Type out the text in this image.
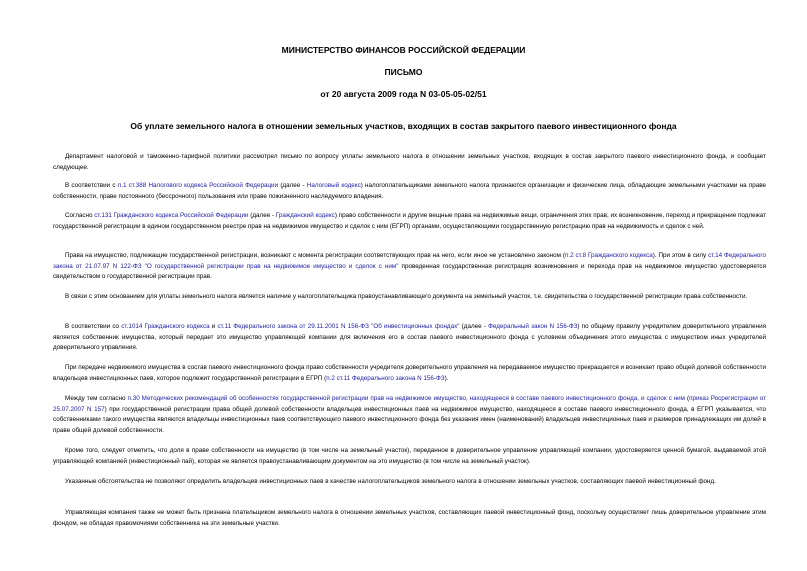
МИНИСТЕРСТВО ФИНАНСОВ РОССИЙСКОЙ ФЕДЕРАЦИИ
ПИСЬМО
от 20 августа 2009 года N 03-05-05-02/51
Об уплате земельного налога в отношении земельных участков, входящих в состав закрытого паевого инвестиционного фонда

Департамент налоговой и таможенно-тарифной политики рассмотрел письмо по вопросу уплаты земельного налога в отношении земельных участков, входящих в состав закрытого паевого инвестиционного фонда, и сообщает следующее.

В соответствии с п.1 ст.388 Налогового кодекса Российской Федерации (далее - Налоговый кодекс) налогоплательщиками земельного налога признаются организации и физические лица, обладающие земельными участками на праве собственности, праве постоянного (бессрочного) пользования или праве пожизненного наследуемого владения.

Согласно ст.131 Гражданского кодекса Российской Федерации (далее - Гражданский кодекс) право собственности и другие вещные права на недвижимые вещи, ограничения этих прав, их возникновение, переход и прекращение подлежат государственной регистрации в едином государственном реестре прав на недвижимое имущество и сделок с ним (ЕГРП) органами, осуществляющими государственную регистрацию прав на недвижимость и сделок с ней.

Права на имущество, подлежащие государственной регистрации, возникают с момента регистрации соответствующих прав на него, если иное не установлено законом (п.2 ст.8 Гражданского кодекса). При этом в силу ст.14 Федерального закона от 21.07.97 N 122-ФЗ "О государственной регистрации прав на недвижимое имущество и сделок с ним" проведенная государственная регистрация возникновения и перехода прав на недвижимое имущество удостоверяется свидетельством о государственной регистрации прав.

В связи с этим основанием для уплаты земельного налога является наличие у налогоплательщика правоустанавливающего документа на земельный участок, т.е. свидетельства о государственной регистрации права собственности.

В соответствии со ст.1014 Гражданского кодекса и ст.11 Федерального закона от 29.11.2001 N 156-ФЗ "Об инвестиционных фондах" (далее - Федеральный закон N 156-ФЗ) по общему правилу учредителем доверительного управления является собственник имущества, который передает это имущество управляющей компании для включения его в состав паевого инвестиционного фонда с условием объединения этого имущества с имуществом иных учредителей доверительного управления.

При передаче недвижимого имущества в состав паевого инвестиционного фонда право собственности учредителя доверительного управления на передаваемое имущество прекращается и возникает право общей долевой собственности владельцев инвестиционных паев, которое подлежит государственной регистрации в ЕГРП (п.2 ст.11 Федерального закона N 156-ФЗ).

Между тем согласно п.30 Методических рекомендаций об особенностях государственной регистрации прав на недвижимое имущество, находящееся в составе паевого инвестиционного фонда, и сделок с ним (приказ Росрегистрации от 25.07.2007 N 157) при государственной регистрации права общей долевой собственности владельцев инвестиционных паев на недвижимое имущество, находящееся в составе паевого инвестиционного фонда, в ЕГРП указывается, что собственниками такого имущества являются владельцы инвестиционных паев соответствующего паевого инвестиционного фонда без указания имен (наименований) владельцев инвестиционных паев и размеров принадлежащих им долей в праве общей долевой собственности.

Кроме того, следует отметить, что доля в праве собственности на имущество (в том числе на земельный участок), переданное в доверительное управление управляющей компании, удостоверяется ценной бумагой, выдаваемой этой управляющей компанией (инвестиционный пай), которая не является правоустанавливающим документом на это имущество (в том числе на земельный участок).

Указанные обстоятельства не позволяют определить владельцев инвестиционных паев в качестве налогоплательщиков земельного налога в отношении земельных участков, составляющих паевой инвестиционный фонд.

Управляющая компания также не может быть признана плательщиком земельного налога в отношении земельных участков, составляющих паевой инвестиционный фонд, поскольку осуществляет лишь доверительное управление этим фондом, не обладая правомочиями собственника на эти земельные участки.
